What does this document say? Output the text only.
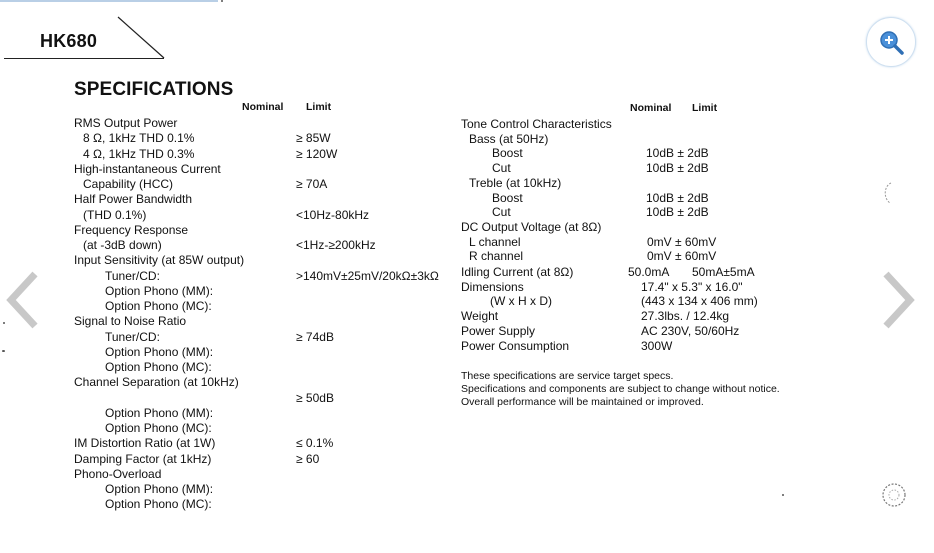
HK680
SPECIFICATIONS
Nominal Limit	Nominal Limit
RMS Output Power
8 Ω, 1kHz THD 0.1%	≥ 85W
4 Ω, 1kHz THD 0.3%	≥ 120W
High-instantaneous Current
Capability (HCC)	≥ 70A
Half Power Bandwidth
(THD 0.1%)	<10Hz-80kHz
Frequency Response
(at -3dB down)	<1Hz-≥200kHz
Input Sensitivity (at 85W output)
Tuner/CD:	>140mV±25mV/20kΩ±3kΩ
Option Phono (MM):
Option Phono (MC):
Signal to Noise Ratio
Tuner/CD:	≥ 74dB
Option Phono (MM):
Option Phono (MC):
Channel Separation (at 10kHz)
≥ 50dB
Option Phono (MM):
Option Phono (MC):
IM Distortion Ratio (at 1W)	≤ 0.1%
Damping Factor (at 1kHz)	≥ 60
Phono-Overload
Option Phono (MM):
Option Phono (MC):
Tone Control Characteristics
Bass (at 50Hz)
Boost	10dB ± 2dB
Cut	10dB ± 2dB
Treble (at 10kHz)
Boost	10dB ± 2dB
Cut	10dB ± 2dB
DC Output Voltage (at 8Ω)
L channel	0mV ± 60mV
R channel	0mV ± 60mV
Idling Current (at 8Ω)	50.0mA 50mA±5mA
Dimensions	17.4" x 5.3" x 16.0"
(W x H x D)	(443 x 134 x 406 mm)
Weight	27.3lbs. / 12.4kg
Power Supply	AC 230V, 50/60Hz
Power Consumption	300W
These specifications are service target specs.
Specifications and components are subject to change without notice.
Overall performance will be maintained or improved.
